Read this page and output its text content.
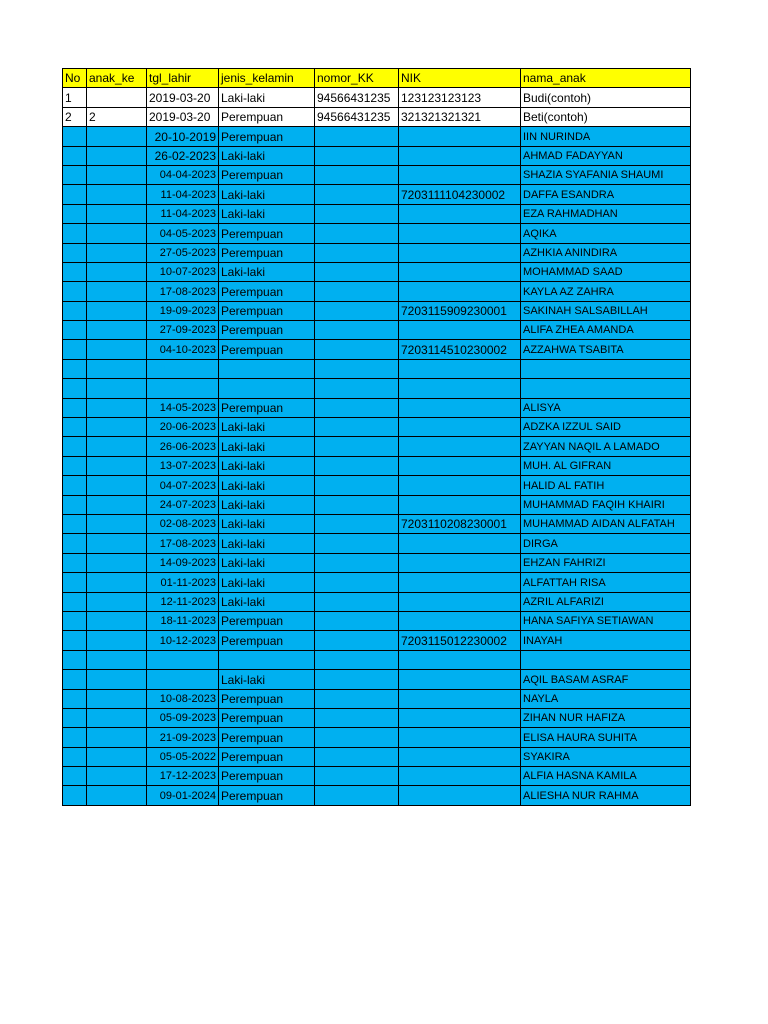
No	anak_ke	tgl_lahir	jenis_kelamin	nomor_KK	NIK	nama_anak
1		2019-03-20	Laki-laki	94566431235	123123123123	Budi(contoh)
2	2	2019-03-20	Perempuan	94566431235	321321321321	Beti(contoh)
		20-10-2019	Perempuan			IIN NURINDA
		26-02-2023	Laki-laki			AHMAD FADAYYAN
		04-04-2023	Perempuan			SHAZIA SYAFANIA SHAUMI
		11-04-2023	Laki-laki		7203111104230002	DAFFA ESANDRA
		11-04-2023	Laki-laki			EZA RAHMADHAN
		04-05-2023	Perempuan			AQIKA
		27-05-2023	Perempuan			AZHKIA ANINDIRA
		10-07-2023	Laki-laki			MOHAMMAD SAAD
		17-08-2023	Perempuan			KAYLA AZ ZAHRA
		19-09-2023	Perempuan		7203115909230001	SAKINAH SALSABILLAH
		27-09-2023	Perempuan			ALIFA ZHEA AMANDA
		04-10-2023	Perempuan		7203114510230002	AZZAHWA TSABITA

		14-05-2023	Perempuan			ALISYA
		20-06-2023	Laki-laki			ADZKA IZZUL SAID
		26-06-2023	Laki-laki			ZAYYAN NAQIL A LAMADO
		13-07-2023	Laki-laki			MUH. AL GIFRAN
		04-07-2023	Laki-laki			HALID AL FATIH
		24-07-2023	Laki-laki			MUHAMMAD FAQIH KHAIRI
		02-08-2023	Laki-laki		7203110208230001	MUHAMMAD AIDAN ALFATAH
		17-08-2023	Laki-laki			DIRGA
		14-09-2023	Laki-laki			EHZAN FAHRIZI
		01-11-2023	Laki-laki			ALFATTAH RISA
		12-11-2023	Laki-laki			AZRIL ALFARIZI
		18-11-2023	Perempuan			HANA SAFIYA SETIAWAN
		10-12-2023	Perempuan		7203115012230002	INAYAH

			Laki-laki			AQIL BASAM ASRAF
		10-08-2023	Perempuan			NAYLA
		05-09-2023	Perempuan			ZIHAN NUR HAFIZA
		21-09-2023	Perempuan			ELISA HAURA SUHITA
		05-05-2022	Perempuan			SYAKIRA
		17-12-2023	Perempuan			ALFIA HASNA KAMILA
		09-01-2024	Perempuan			ALIESHA NUR RAHMA
